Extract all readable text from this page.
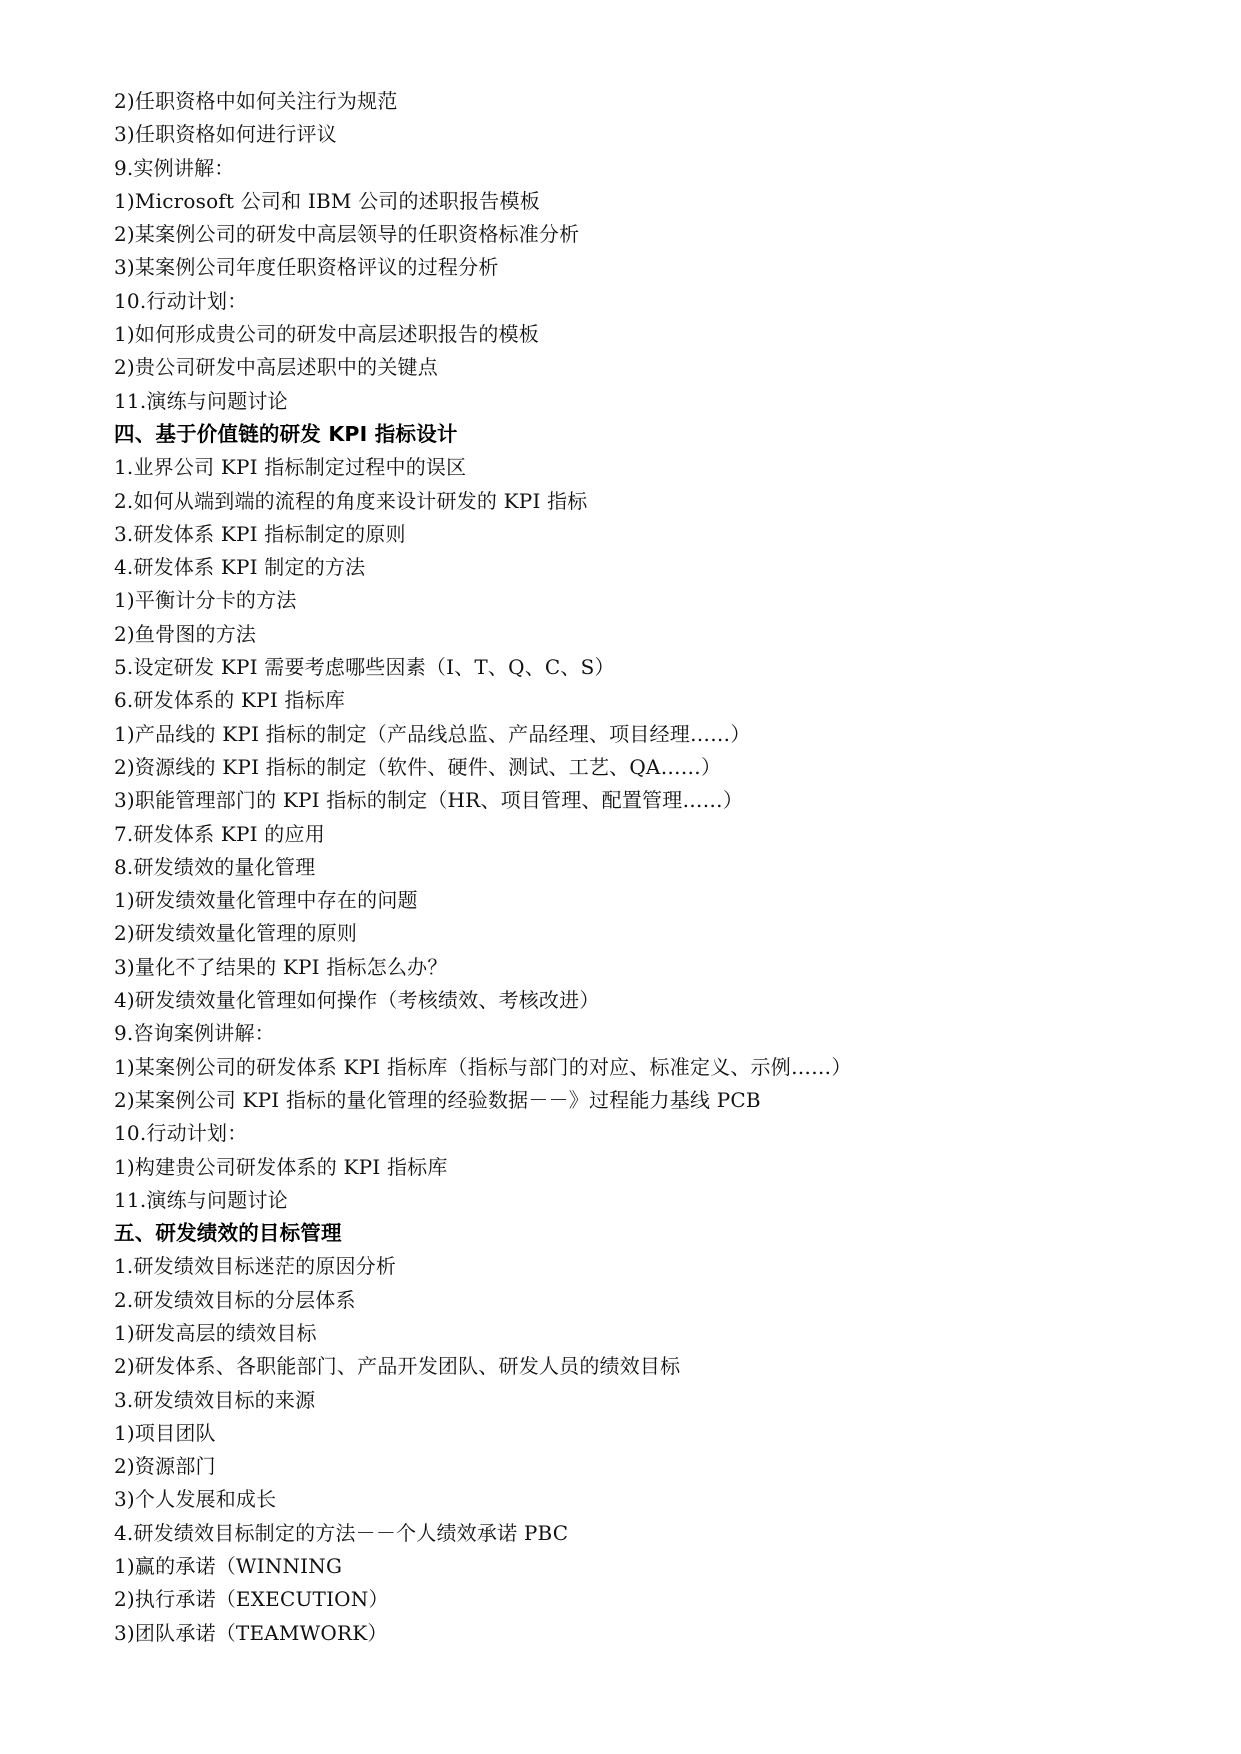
2)任职资格中如何关注行为规范
3)任职资格如何进行评议
9.实例讲解：
1)Microsoft 公司和 IBM 公司的述职报告模板
2)某案例公司的研发中高层领导的任职资格标准分析
3)某案例公司年度任职资格评议的过程分析
10.行动计划：
1)如何形成贵公司的研发中高层述职报告的模板
2)贵公司研发中高层述职中的关键点
11.演练与问题讨论
四、基于价值链的研发 KPI 指标设计
1.业界公司 KPI 指标制定过程中的误区
2.如何从端到端的流程的角度来设计研发的 KPI 指标
3.研发体系 KPI 指标制定的原则
4.研发体系 KPI 制定的方法
1)平衡计分卡的方法
2)鱼骨图的方法
5.设定研发 KPI 需要考虑哪些因素（I、T、Q、C、S）
6.研发体系的 KPI 指标库
1)产品线的 KPI 指标的制定（产品线总监、产品经理、项目经理……）
2)资源线的 KPI 指标的制定（软件、硬件、测试、工艺、QA……）
3)职能管理部门的 KPI 指标的制定（HR、项目管理、配置管理……）
7.研发体系 KPI 的应用
8.研发绩效的量化管理
1)研发绩效量化管理中存在的问题
2)研发绩效量化管理的原则
3)量化不了结果的 KPI 指标怎么办？
4)研发绩效量化管理如何操作（考核绩效、考核改进）
9.咨询案例讲解：
1)某案例公司的研发体系 KPI 指标库（指标与部门的对应、标准定义、示例……）
2)某案例公司 KPI 指标的量化管理的经验数据－－》过程能力基线 PCB
10.行动计划：
1)构建贵公司研发体系的 KPI 指标库
11.演练与问题讨论
五、研发绩效的目标管理
1.研发绩效目标迷茫的原因分析
2.研发绩效目标的分层体系
1)研发高层的绩效目标
2)研发体系、各职能部门、产品开发团队、研发人员的绩效目标
3.研发绩效目标的来源
1)项目团队
2)资源部门
3)个人发展和成长
4.研发绩效目标制定的方法－－个人绩效承诺 PBC
1)赢的承诺（WINNING
2)执行承诺（EXECUTION）
3)团队承诺（TEAMWORK）
